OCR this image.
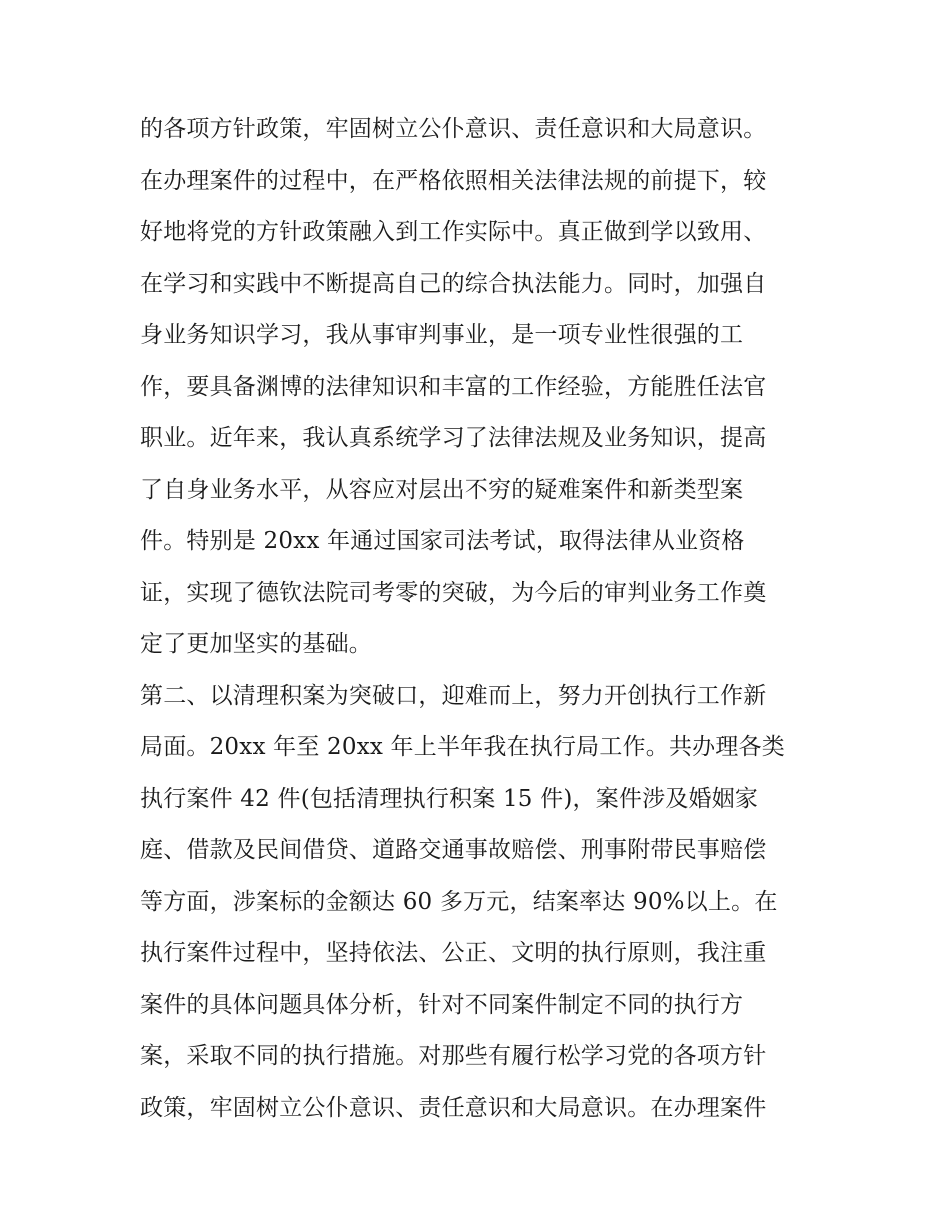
的各项方针政策，牢固树立公仆意识、责任意识和大局意识。
在办理案件的过程中，在严格依照相关法律法规的前提下，较
好地将党的方针政策融入到工作实际中。真正做到学以致用、
在学习和实践中不断提高自己的综合执法能力。同时，加强自
身业务知识学习，我从事审判事业，是一项专业性很强的工
作，要具备渊博的法律知识和丰富的工作经验，方能胜任法官
职业。近年来，我认真系统学习了法律法规及业务知识，提高
了自身业务水平，从容应对层出不穷的疑难案件和新类型案
件。特别是 20xx 年通过国家司法考试，取得法律从业资格
证，实现了德钦法院司考零的突破，为今后的审判业务工作奠
定了更加坚实的基础。
第二、以清理积案为突破口，迎难而上，努力开创执行工作新
局面。20xx 年至 20xx 年上半年我在执行局工作。共办理各类
执行案件 42 件(包括清理执行积案 15 件)，案件涉及婚姻家
庭、借款及民间借贷、道路交通事故赔偿、刑事附带民事赔偿
等方面，涉案标的金额达 60 多万元，结案率达 90%以上。在
执行案件过程中，坚持依法、公正、文明的执行原则，我注重
案件的具体问题具体分析，针对不同案件制定不同的执行方
案，采取不同的执行措施。对那些有履行松学习党的各项方针
政策，牢固树立公仆意识、责任意识和大局意识。在办理案件
